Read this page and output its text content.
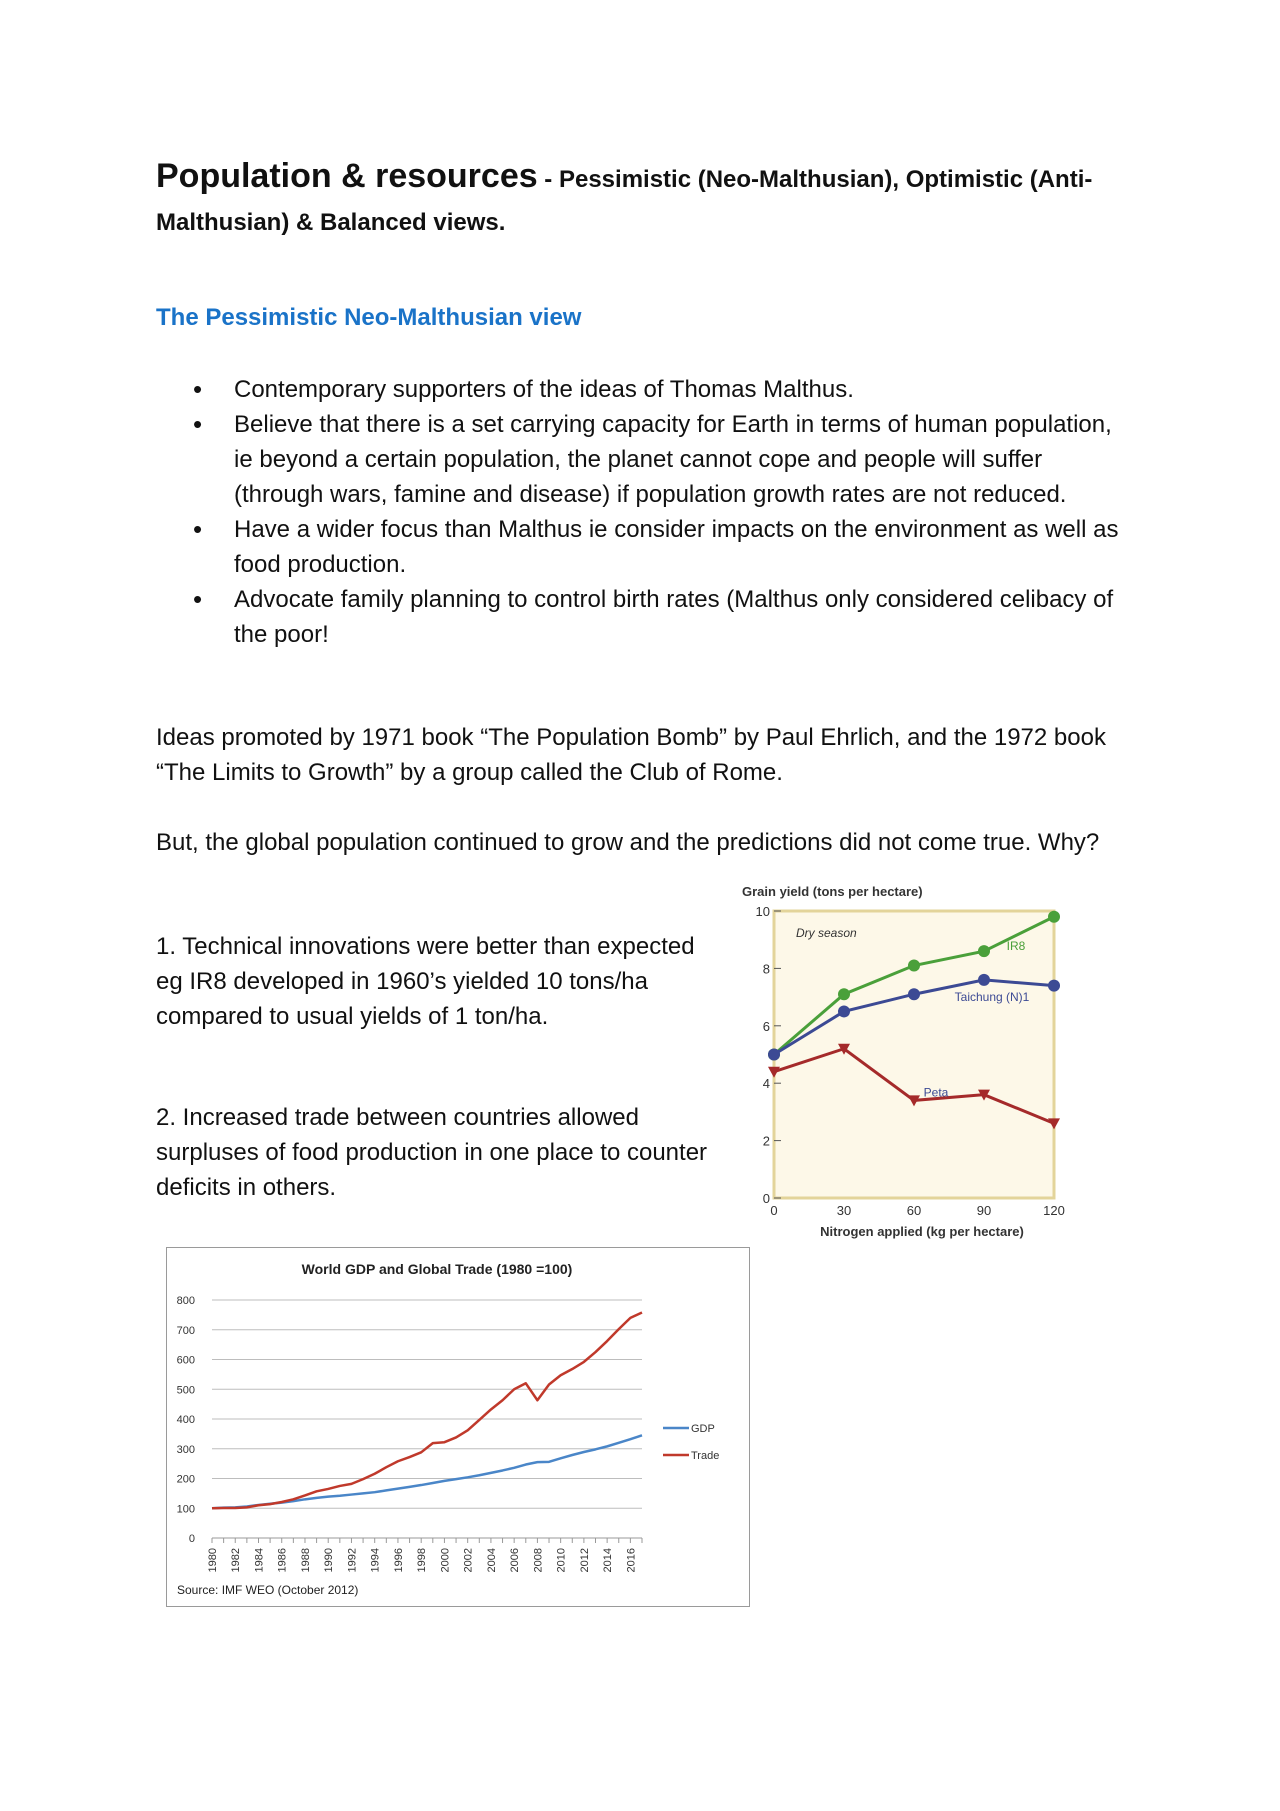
Population & resources - Pessimistic (Neo-Malthusian), Optimistic (Anti-Malthusian) & Balanced views.
The Pessimistic Neo-Malthusian view
• Contemporary supporters of the ideas of Thomas Malthus.
• Believe that there is a set carrying capacity for Earth in terms of human population, ie beyond a certain population, the planet cannot cope and people will suffer (through wars, famine and disease) if population growth rates are not reduced.
• Have a wider focus than Malthus ie consider impacts on the environment as well as food production.
• Advocate family planning to control birth rates (Malthus only considered celibacy of the poor!

Ideas promoted by 1971 book “The Population Bomb” by Paul Ehrlich, and the 1972 book “The Limits to Growth” by a group called the Club of Rome.

But, the global population continued to grow and the predictions did not come true. Why?

1. Technical innovations were better than expected eg IR8 developed in 1960’s yielded 10 tons/ha compared to usual yields of 1 ton/ha.

2. Increased trade between countries allowed surpluses of food production in one place to counter deficits in others.

Grain yield (tons per hectare)
Dry season
0
2
4
6
8
10
0	30	60	90	120
Nitrogen applied (kg per hectare)
IR8
Taichung (N)1
Peta
World GDP and Global Trade (1980 =100)
0
100
200
300
400
500
600
700
800
1980 1982 1984 1986 1988 1990 1992 1994 1996 1998 2000 2002 2004 2006 2008 2010 2012 2014 2016
GDP
Trade
Source: IMF WEO (October 2012)
